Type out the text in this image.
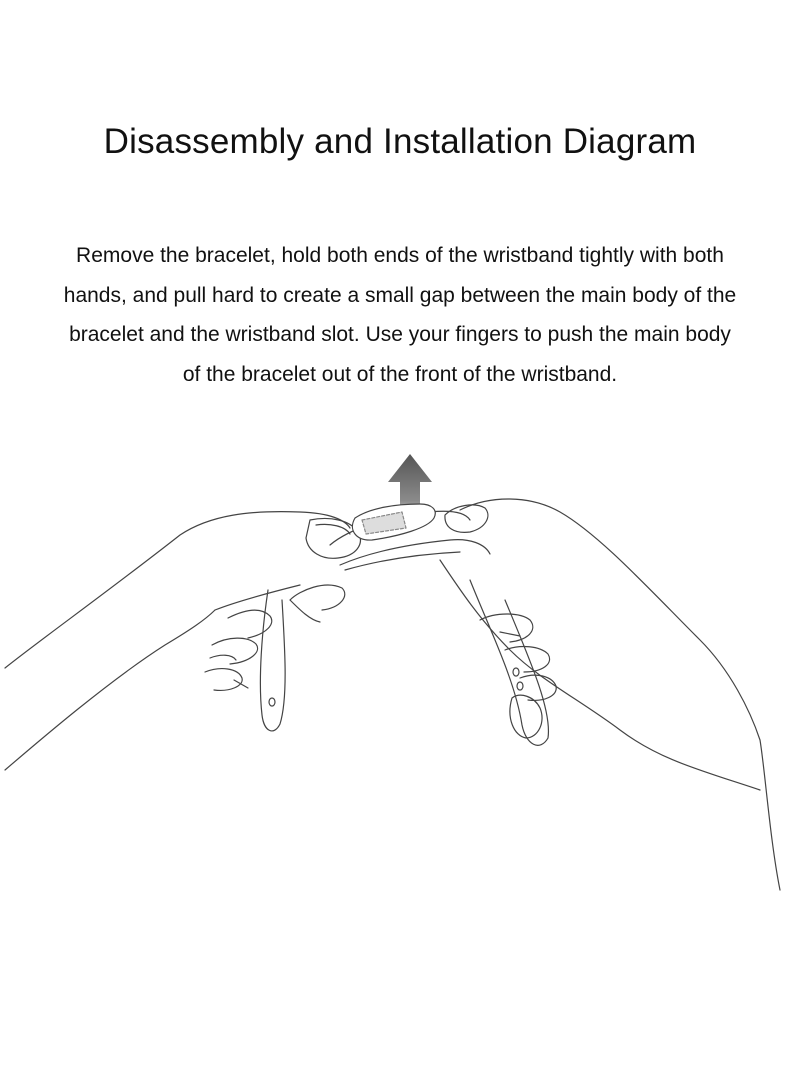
Disassembly and Installation Diagram

Remove the bracelet, hold both ends of the wristband tightly with both hands, and pull hard to create a small gap between the main body of the bracelet and the wristband slot. Use your fingers to push the main body of the bracelet out of the front of the wristband.
